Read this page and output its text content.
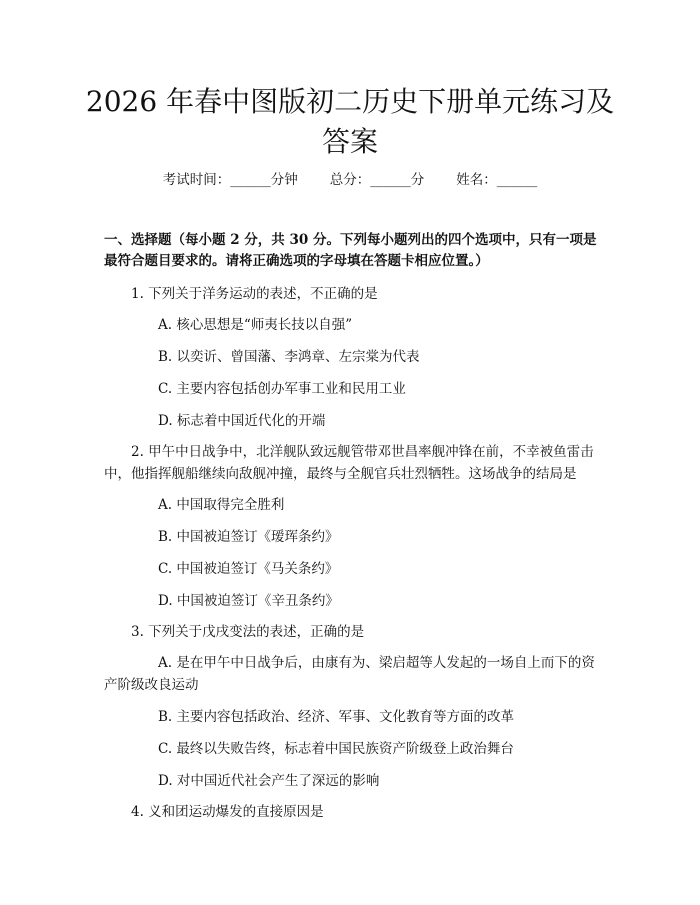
2026 年春中图版初二历史下册单元练习及答案
考试时间：______分钟 总分：______分 姓名：______

一、选择题（每小题 2 分，共 30 分。下列每小题列出的四个选项中，只有一项是最符合题目要求的。请将正确选项的字母填在答题卡相应位置。）

1. 下列关于洋务运动的表述，不正确的是

A. 核心思想是“师夷长技以自强”

B. 以奕䜣、曾国藩、李鸿章、左宗棠为代表

C. 主要内容包括创办军事工业和民用工业

D. 标志着中国近代化的开端

2. 甲午中日战争中，北洋舰队致远舰管带邓世昌率舰冲锋在前，不幸被鱼雷击中，他指挥舰船继续向敌舰冲撞，最终与全舰官兵壮烈牺牲。这场战争的结局是

A. 中国取得完全胜利

B. 中国被迫签订《瑷珲条约》

C. 中国被迫签订《马关条约》

D. 中国被迫签订《辛丑条约》

3. 下列关于戊戌变法的表述，正确的是

A. 是在甲午中日战争后，由康有为、梁启超等人发起的一场自上而下的资产阶级改良运动

B. 主要内容包括政治、经济、军事、文化教育等方面的改革

C. 最终以失败告终，标志着中国民族资产阶级登上政治舞台

D. 对中国近代社会产生了深远的影响

4. 义和团运动爆发的直接原因是
